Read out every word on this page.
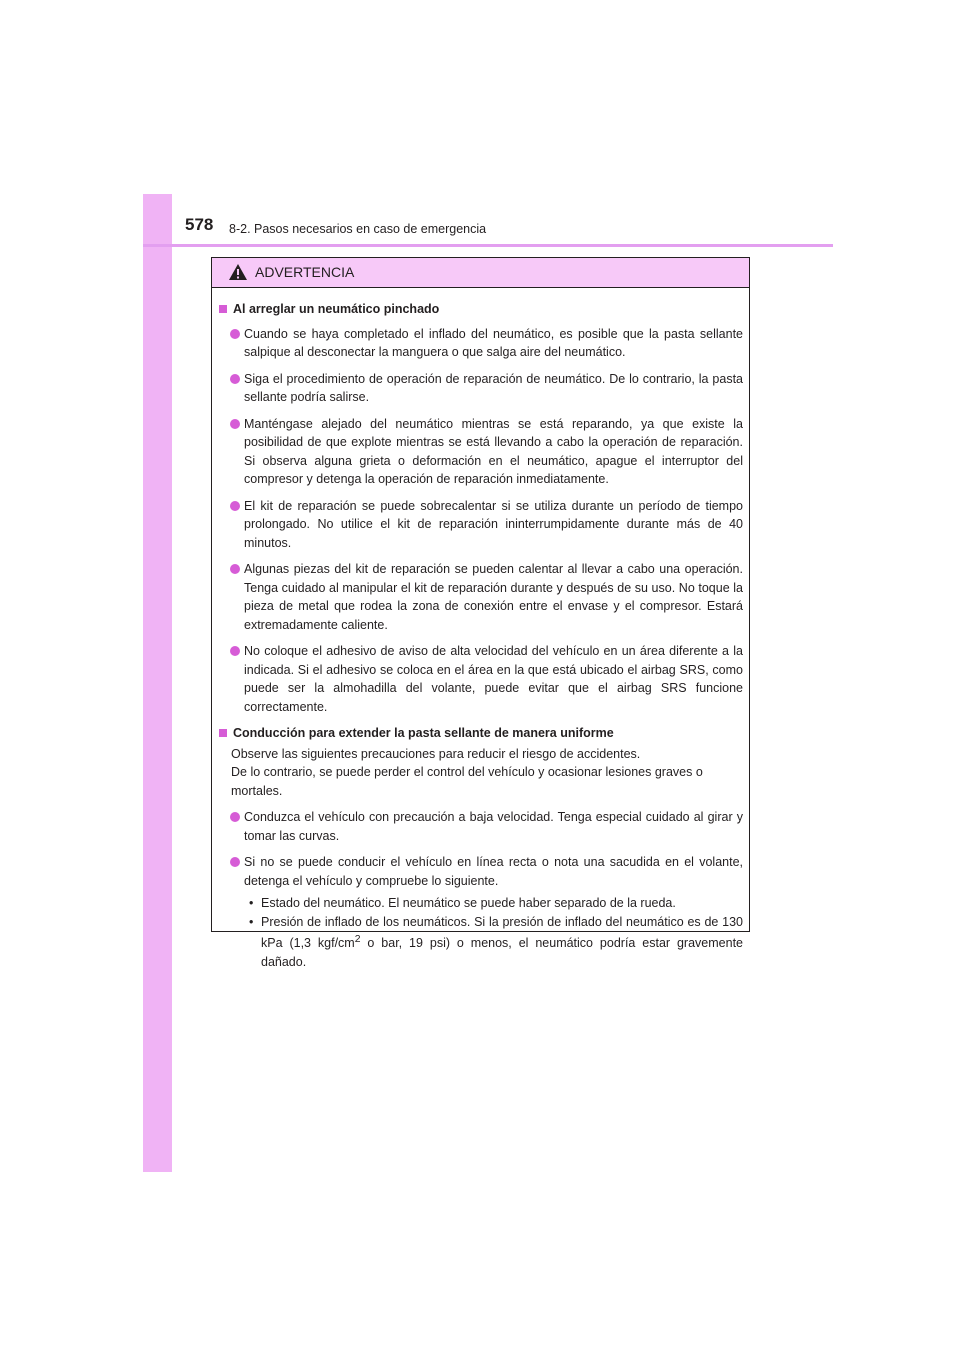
578 8-2. Pasos necesarios en caso de emergencia
ADVERTENCIA
Al arreglar un neumático pinchado
Cuando se haya completado el inflado del neumático, es posible que la pasta sellante salpique al desconectar la manguera o que salga aire del neumático.
Siga el procedimiento de operación de reparación de neumático. De lo contrario, la pasta sellante podría salirse.
Manténgase alejado del neumático mientras se está reparando, ya que existe la posibilidad de que explote mientras se está llevando a cabo la operación de reparación. Si observa alguna grieta o deformación en el neumático, apague el interruptor del compresor y detenga la operación de reparación inmediatamente.
El kit de reparación se puede sobrecalentar si se utiliza durante un período de tiempo prolongado. No utilice el kit de reparación ininterrumpidamente durante más de 40 minutos.
Algunas piezas del kit de reparación se pueden calentar al llevar a cabo una operación. Tenga cuidado al manipular el kit de reparación durante y después de su uso. No toque la pieza de metal que rodea la zona de conexión entre el envase y el compresor. Estará extremadamente caliente.
No coloque el adhesivo de aviso de alta velocidad del vehículo en un área diferente a la indicada. Si el adhesivo se coloca en el área en la que está ubicado el airbag SRS, como puede ser la almohadilla del volante, puede evitar que el airbag SRS funcione correctamente.
Conducción para extender la pasta sellante de manera uniforme
Observe las siguientes precauciones para reducir el riesgo de accidentes.
De lo contrario, se puede perder el control del vehículo y ocasionar lesiones graves o mortales.
Conduzca el vehículo con precaución a baja velocidad. Tenga especial cuidado al girar y tomar las curvas.
Si no se puede conducir el vehículo en línea recta o nota una sacudida en el volante, detenga el vehículo y compruebe lo siguiente.
• Estado del neumático. El neumático se puede haber separado de la rueda.
• Presión de inflado de los neumáticos. Si la presión de inflado del neumático es de 130 kPa (1,3 kgf/$cm^2$ o bar, 19 psi) o menos, el neumático podría estar gravemente dañado.
